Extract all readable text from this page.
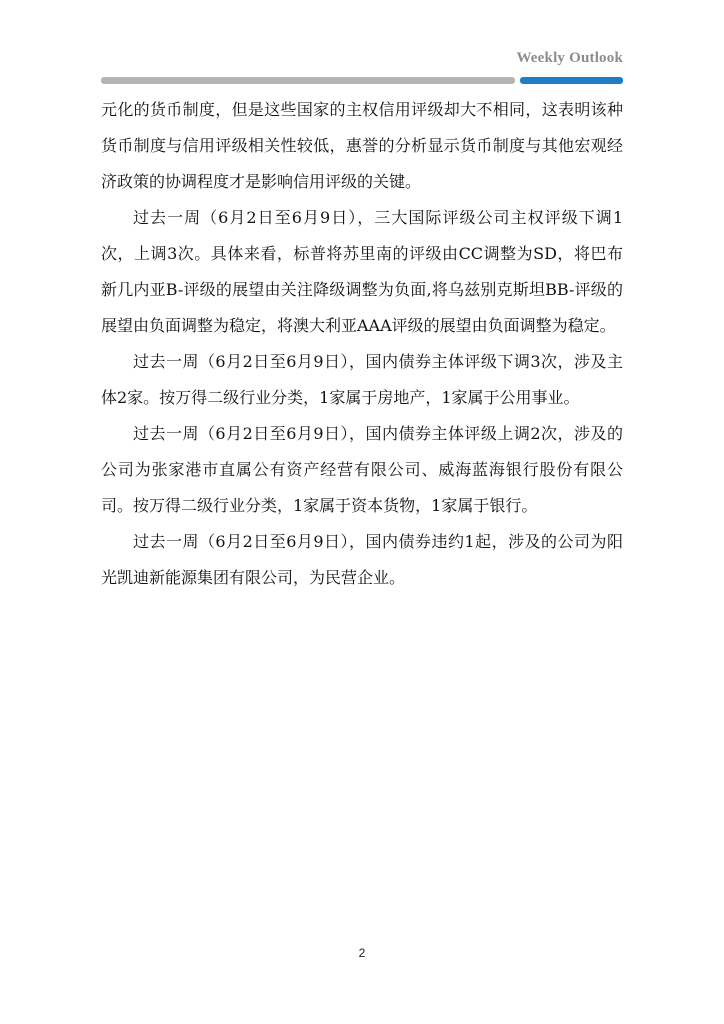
Weekly Outlook

元化的货币制度，但是这些国家的主权信用评级却大不相同，这表明该种货币制度与信用评级相关性较低，惠誉的分析显示货币制度与其他宏观经济政策的协调程度才是影响信用评级的关键。

过去一周（6月2日至6月9日），三大国际评级公司主权评级下调1次，上调3次。具体来看，标普将苏里南的评级由CC调整为SD，将巴布新几内亚B-评级的展望由关注降级调整为负面,将乌兹别克斯坦BB-评级的展望由负面调整为稳定，将澳大利亚AAA评级的展望由负面调整为稳定。

过去一周（6月2日至6月9日），国内债券主体评级下调3次，涉及主体2家。按万得二级行业分类，1家属于房地产，1家属于公用事业。

过去一周（6月2日至6月9日），国内债券主体评级上调2次，涉及的公司为张家港市直属公有资产经营有限公司、威海蓝海银行股份有限公司。按万得二级行业分类，1家属于资本货物，1家属于银行。

过去一周（6月2日至6月9日），国内债券违约1起，涉及的公司为阳光凯迪新能源集团有限公司，为民营企业。

2
